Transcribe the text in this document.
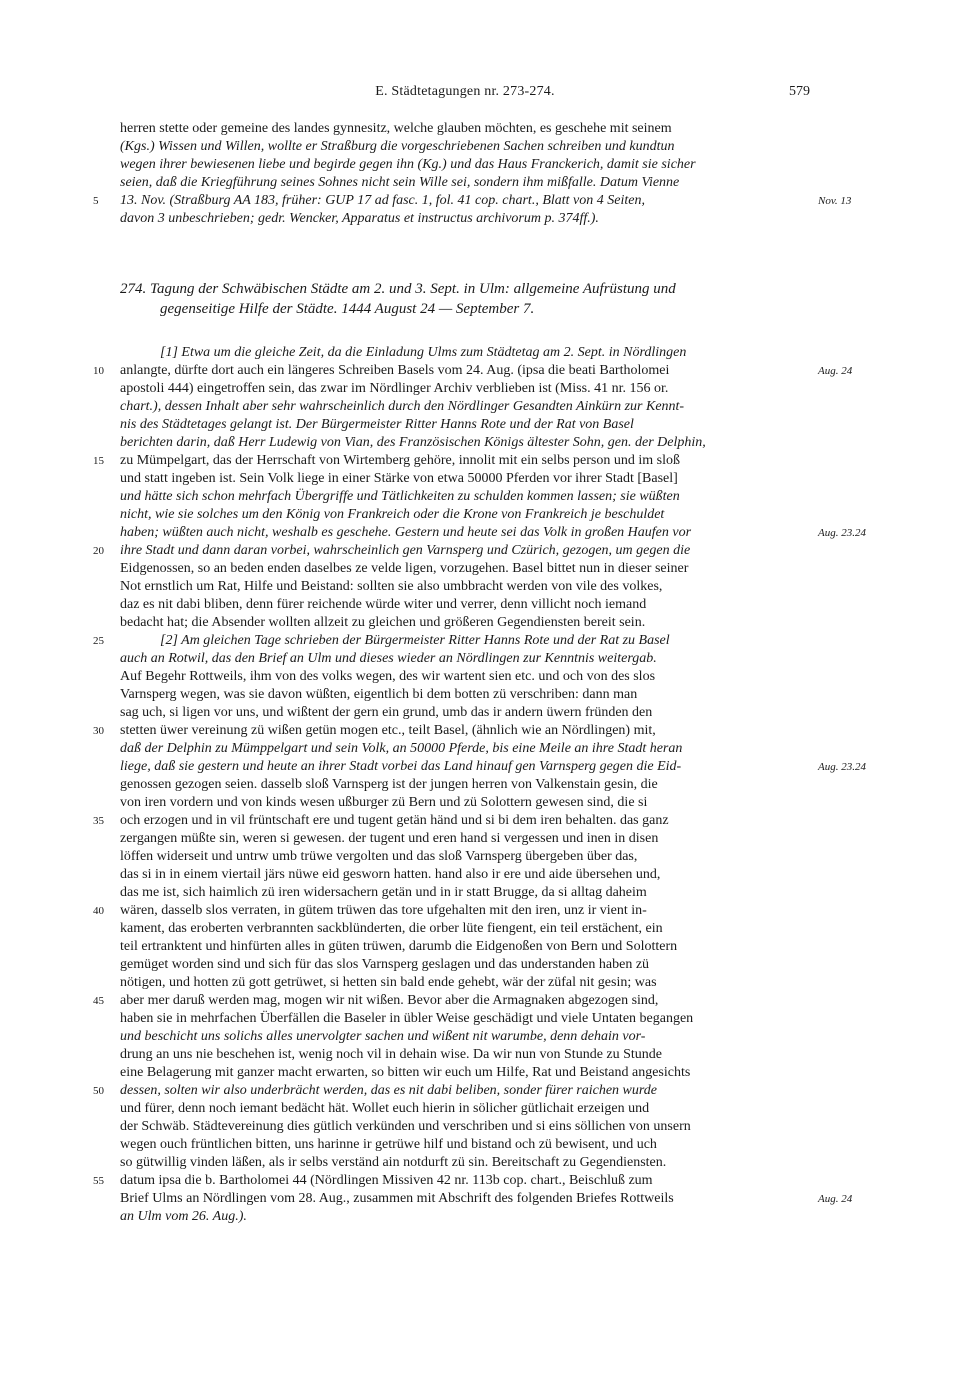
E. Städtetagungen nr. 273-274.	579
herren stette oder gemeine des landes gynnesitz, welche glauben möchten, es geschehe mit seinem
(Kgs.) Wissen und Willen, wollte er Straßburg die vorgeschriebenen Sachen schreiben und kundtun
wegen ihrer bewiesenen liebe und begirde gegen ihn (Kg.) und das Haus Franckerich, damit sie sicher
seien, daß die Kriegführung seines Sohnes nicht sein Wille sei, sondern ihm mißfalle. Datum Vienne
13. Nov. (Straßburg AA 183, früher: GUP 17 ad fasc. 1, fol. 41 cop. chart., Blatt von 4 Seiten,
davon 3 unbeschrieben; gedr. Wencker, Apparatus et instructus archivorum p. 374ff.).
274. Tagung der Schwäbischen Städte am 2. und 3. Sept. in Ulm: allgemeine Aufrüstung und
gegenseitige Hilfe der Städte. 1444 August 24 — September 7.
[1] Etwa um die gleiche Zeit, da die Einladung Ulms zum Städtetag am 2. Sept. in Nördlingen
anlangte, dürfte dort auch ein längeres Schreiben Basels vom 24. Aug. (ipsa die beati Bartholomei
apostoli 444) eingetroffen sein, das zwar im Nördlinger Archiv verblieben ist (Miss. 41 nr. 156 or.
chart.), dessen Inhalt aber sehr wahrscheinlich durch den Nördlinger Gesandten Ainkürn zur Kennt-
nis des Städtetages gelangt ist. Der Bürgermeister Ritter Hanns Rote und der Rat von Basel
berichten darin, daß Herr Ludewig von Vian, des Französischen Königs ältester Sohn, gen. der Delphin,
zu Mümpelgart, das der Herrschaft von Wirtemberg gehöre, innolit mit ein selbs person und im sloß
und statt ingeben ist. Sein Volk liege in einer Stärke von etwa 50000 Pferden vor ihrer Stadt [Basel]
und hätte sich schon mehrfach Übergriffe und Tätlichkeiten zu schulden kommen lassen; sie wüßten
nicht, wie sie solches um den König von Frankreich oder die Krone von Frankreich je beschuldet
haben; wüßten auch nicht, weshalb es geschehe. Gestern und heute sei das Volk in großen Haufen vor
ihre Stadt und dann daran vorbei, wahrscheinlich gen Varnsperg und Czürich, gezogen, um gegen die
Eidgenossen, so an beden enden daselbes ze velde ligen, vorzugehen. Basel bittet nun in dieser seiner
Not ernstlich um Rat, Hilfe und Beistand: sollten sie also umbbracht werden von vile des volkes,
daz es nit dabi bliben, denn fürer reichende würde witer und verrer, denn villicht noch iemand
bedacht hat; die Absender wollten allzeit zu gleichen und größeren Gegendiensten bereit sein.
[2] Am gleichen Tage schrieben der Bürgermeister Ritter Hanns Rote und der Rat zu Basel
auch an Rotwil, das den Brief an Ulm und dieses wieder an Nördlingen zur Kenntnis weitergab.
Auf Begehr Rottweils, ihm von des volks wegen, des wir wartent sien etc. und och von des slos
Varnsperg wegen, was sie davon wüßten, eigentlich bi dem botten zü verschriben: dann man
sag uch, si ligen vor uns, und wißtent der gern ein grund, umb das ir andern üwern fründen den
stetten üwer vereinung zü wißen getün mogen etc., teilt Basel, (ähnlich wie an Nördlingen) mit,
daß der Delphin zu Mümppelgart und sein Volk, an 50000 Pferde, bis eine Meile an ihre Stadt heran
liege, daß sie gestern und heute an ihrer Stadt vorbei das Land hinauf gen Varnsperg gegen die Eid-
genossen gezogen seien. dasselb sloß Varnsperg ist der jungen herren von Valkenstain gesin, die
von iren vordern und von kinds wesen ußburger zü Bern und zü Solottern gewesen sind, die si
och erzogen und in vil früntschaft ere und tugent getän händ und si bi dem iren behalten. das ganz
zergangen müßte sin, weren si gewesen. der tugent und eren hand si vergessen und inen in disen
löffen widerseit und untrw umb trüwe vergolten und das sloß Varnsperg übergeben über das,
das si in in einem viertail järs nüwe eid gesworn hatten. hand also ir ere und aide übersehen und,
das me ist, sich haimlich zü iren widersachern getän und in ir statt Brugge, da si alltag daheim
wären, dasselb slos verraten, in gütem trüwen das tore ufgehalten mit den iren, unz ir vient in-
kament, das eroberten verbrannten sackblünderten, die orber lüte fiengent, ein teil erstächent, ein
teil ertranktent und hinfürten alles in güten trüwen, darumb die Eidgenoßen von Bern und Solottern
gemüget worden sind und sich für das slos Varnsperg geslagen und das understanden haben zü
nötigen, und hotten zü gott getrüwet, si hetten sin bald ende gehebt, wär der züfal nit gesin; was
aber mer daruß werden mag, mogen wir nit wißen. Bevor aber die Armagnaken abgezogen sind,
haben sie in mehrfachen Überfällen die Baseler in übler Weise geschädigt und viele Untaten begangen
und beschicht uns solichs alles unervolgter sachen und wißent nit warumbe, denn dehain vor-
drung an uns nie beschehen ist, wenig noch vil in dehain wise. Da wir nun von Stunde zu Stunde
eine Belagerung mit ganzer macht erwarten, so bitten wir euch um Hilfe, Rat und Beistand angesichts
dessen, solten wir also underbrächt werden, das es nit dabi beliben, sonder fürer raichen wurde
und fürer, denn noch iemant bedächt hät. Wollet euch hierin in sölicher gütlichait erzeigen und
der Schwäb. Städtevereinung dies gütlich verkünden und verschriben und si eins söllichen von unsern
wegen ouch früntlichen bitten, uns harinne ir getrüwe hilf und bistand och zü bewisent, und uch
so gütwillig vinden läßen, als ir selbs verständ ain notdurft zü sin. Bereitschaft zu Gegendiensten.
datum ipsa die b. Bartholomei 44 (Nördlingen Missiven 42 nr. 113b cop. chart., Beischluß zum
Brief Ulms an Nördlingen vom 28. Aug., zusammen mit Abschrift des folgenden Briefes Rottweils
an Ulm vom 26. Aug.).
5
10
15
20
25
30
35
40
45
50
55
Nov. 13
Aug. 24
Aug. 23.24
Aug. 23.24
Aug. 24
